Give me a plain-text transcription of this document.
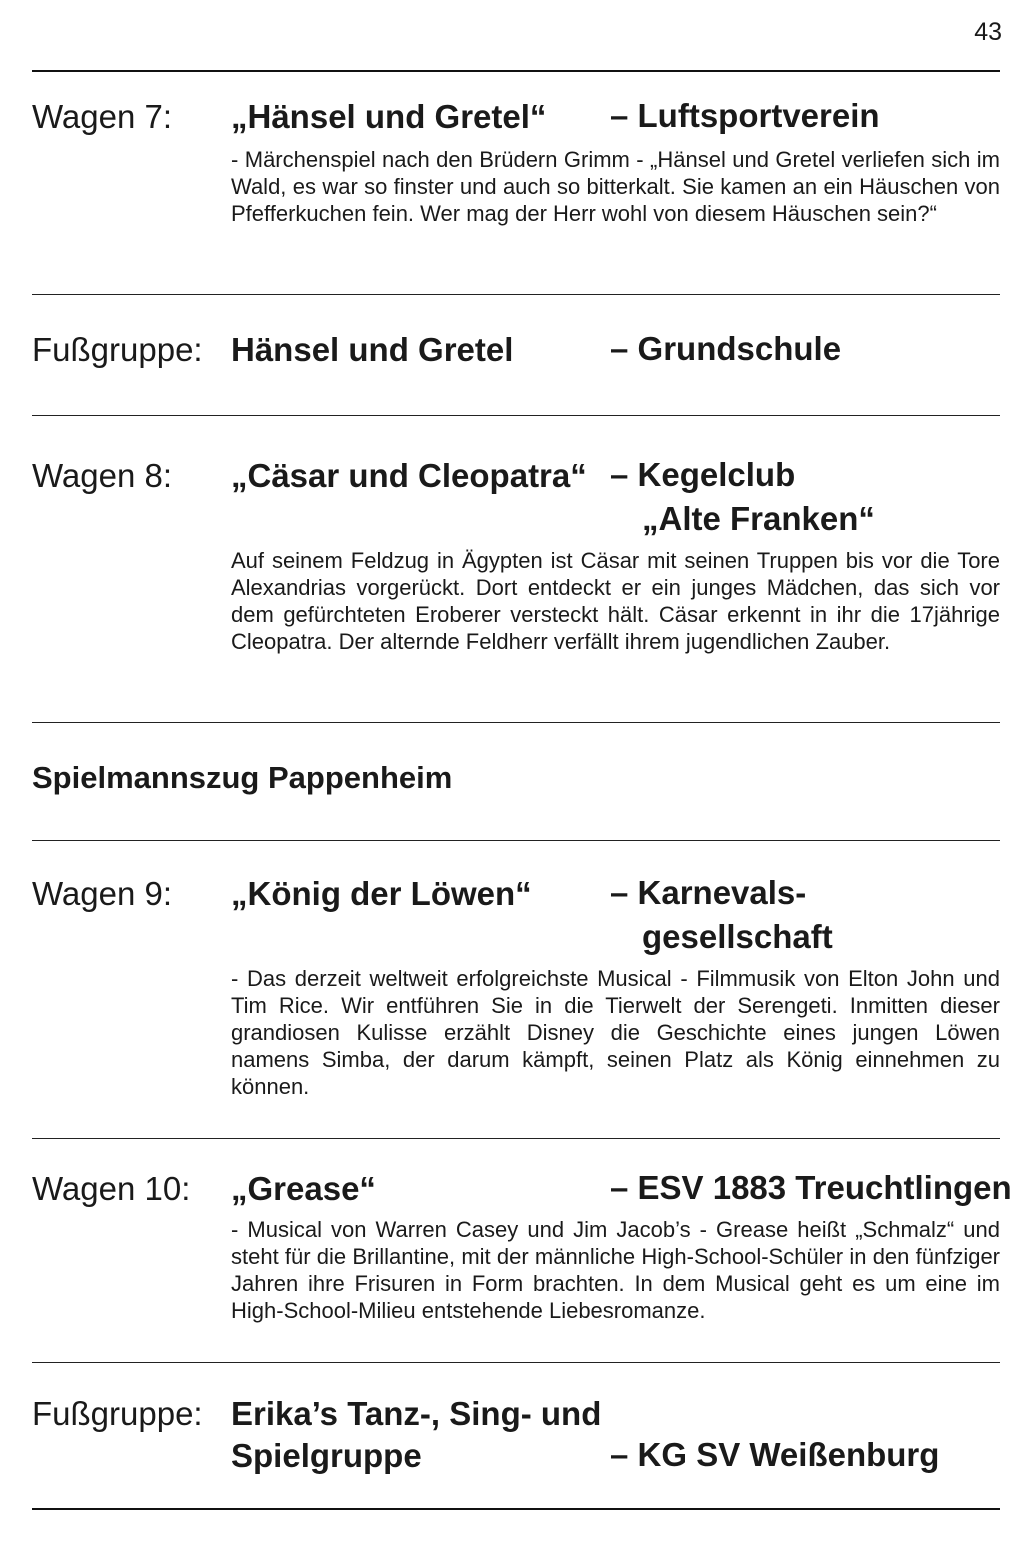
43
Wagen 7: „Hänsel und Gretel“ – Luftsportverein

- Märchenspiel nach den Brüdern Grimm - „Hänsel und Gretel verliefen sich im Wald, es war so finster und auch so bitterkalt. Sie kamen an ein Häuschen von Pfefferkuchen fein. Wer mag der Herr wohl von diesem Häuschen sein?“

Fußgruppe: Hänsel und Gretel	– Grundschule
Wagen 8: „Cäsar und Cleopatra“ – Kegelclub
„Alte Franken“

Auf seinem Feldzug in Ägypten ist Cäsar mit seinen Truppen bis vor die Tore Alexandrias vorgerückt. Dort entdeckt er ein junges Mädchen, das sich vor dem gefürchteten Eroberer versteckt hält. Cäsar erkennt in ihr die 17jährige Cleopatra. Der alternde Feldherr verfällt ihrem jugendlichen Zauber.

Spielmannszug Pappenheim
Wagen 9: „König der Löwen“ – Karnevals-
gesellschaft

- Das derzeit weltweit erfolgreichste Musical - Filmmusik von Elton John und Tim Rice. Wir entführen Sie in die Tierwelt der Serengeti. Inmitten dieser grandiosen Kulisse erzählt Disney die Geschichte eines jungen Löwen namens Simba, der darum kämpft, seinen Platz als König einnehmen zu können.

Wagen 10: „Grease“	– ESV 1883 Treuchtlingen

- Musical von Warren Casey und Jim Jacob’s - Grease heißt „Schmalz“ und steht für die Brillantine, mit der männliche High-School-Schüler in den fünfziger Jahren ihre Frisuren in Form brachten. In dem Musical geht es um eine im High-School-Milieu entstehende Liebesromanze.

Fußgruppe: Erika’s Tanz-, Sing- und
Spielgruppe	– KG SV Weißenburg
